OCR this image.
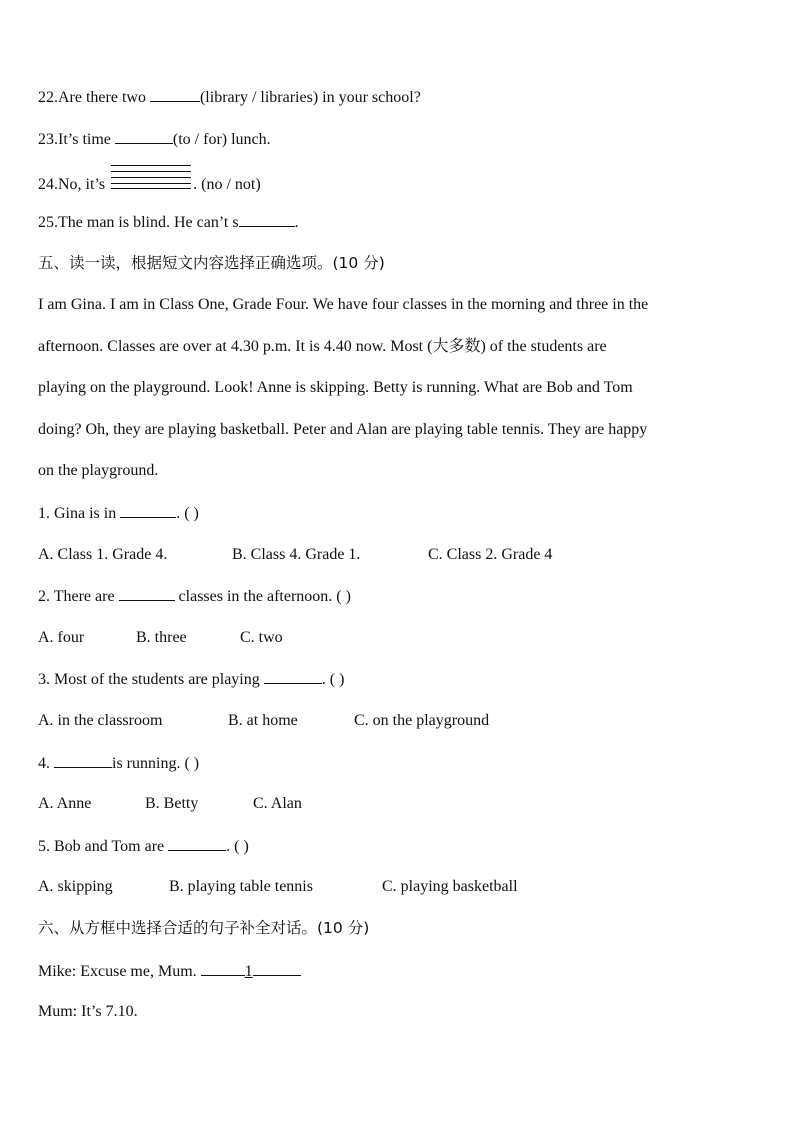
22.Are there two	(library / libraries) in your school?
23.It’s time	(to / for) lunch.
24.No, it’s	. (no / not)
25.The man is blind. He can’t s	.
五、读一读，根据短文内容选择正确选项。(10 分)
I am Gina. I am in Class One, Grade Four. We have four classes in the morning and three in the
afternoon. Classes are over at 4.30 p.m. It is 4.40 now. Most (大多数) of the students are
playing on the playground. Look! Anne is skipping. Betty is running. What are Bob and Tom
doing? Oh, they are playing basketball. Peter and Alan are playing table tennis. They are happy
on the playground.
1. Gina is in	. ( )
A. Class 1. Grade 4.	B. Class 4. Grade 1.	C. Class 2. Grade 4
2. There are	classes in the afternoon. ( )
A. four	B. three	C. two
3. Most of the students are playing	. ( )
A. in the classroom	B. at home	C. on the playground
4.	is running. ( )
A. Anne	B. Betty	C. Alan
5. Bob and Tom are	. ( )
A. skipping	B. playing table tennis	C. playing basketball
六、从方框中选择合适的句子补全对话。(10 分)
Mike: Excuse me, Mum.	1
Mum: It’s 7.10.
